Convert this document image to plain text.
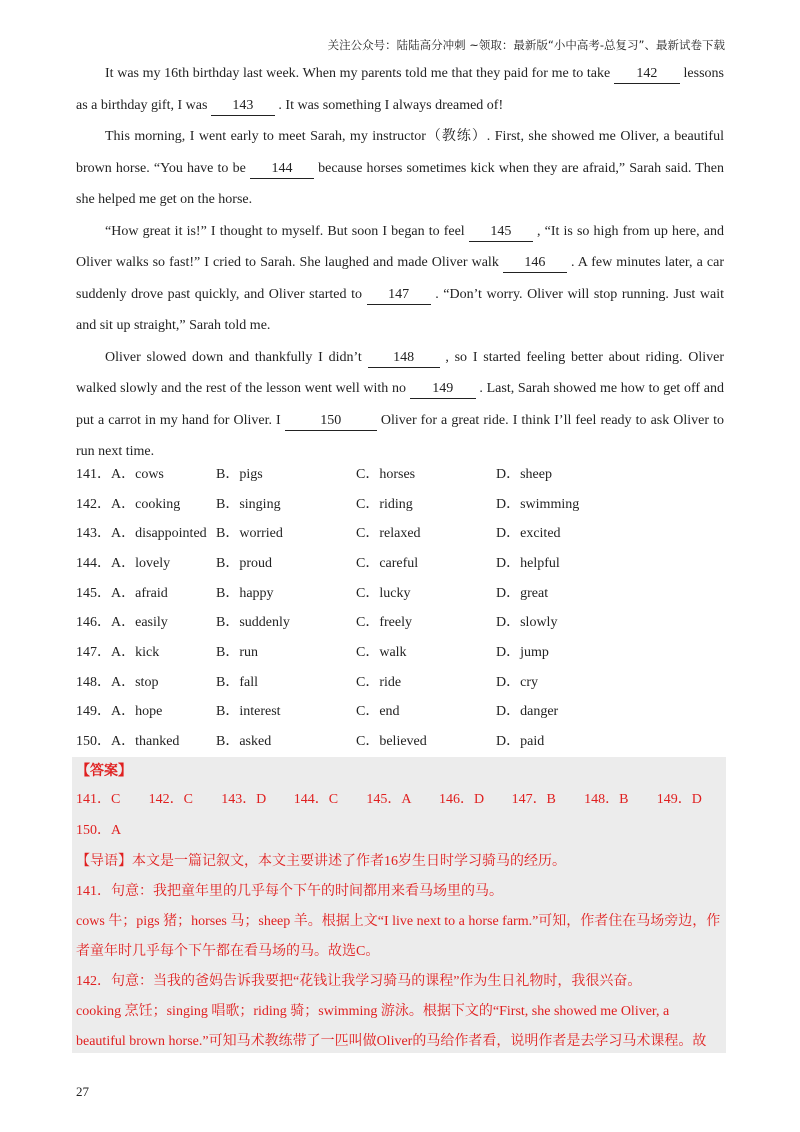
关注公众号：陆陆高分冲刺 ~领取：最新版“小中高考-总复习”、最新试卷下载

It was my 16th birthday last week. When my parents told me that they paid for me to take 142 lessons as a birthday gift, I was 143 . It was something I always dreamed of!

This morning, I went early to meet Sarah, my instructor（教练）. First, she showed me Oliver, a beautiful brown horse. “You have to be 144 because horses sometimes kick when they are afraid,” Sarah said. Then she helped me get on the horse.

“How great it is!” I thought to myself. But soon I began to feel 145 , “It is so high from up here, and Oliver walks so fast!” I cried to Sarah. She laughed and made Oliver walk 146 . A few minutes later, a car suddenly drove past quickly, and Oliver started to 147 . “Don’t worry. Oliver will stop running. Just wait and sit up straight,” Sarah told me.

Oliver slowed down and thankfully I didn’t 148 , so I started feeling better about riding. Oliver walked slowly and the rest of the lesson went well with no 149 . Last, Sarah showed me how to get off and put a carrot in my hand for Oliver. I	150	Oliver for a great ride. I think I’ll feel ready to ask Oliver to run next time.

141．A．cows	B．pigs	C．horses	D．sheep
142．A．cooking	B．singing	C．riding	D．swimming
143．A．disappointed B．worried	C．relaxed	D．excited
144．A．lovely	B．proud	C．careful	D．helpful
145．A．afraid	B．happy	C．lucky	D．great
146．A．easily	B．suddenly	C．freely	D．slowly
147．A．kick	B．run	C．walk	D．jump
148．A．stop	B．fall	C．ride	D．cry
149．A．hope	B．interest	C．end	D．danger
150．A．thanked	B．asked	C．believed	D．paid
【答案】
141．C 142．C 143．D 144．C 145．A 146．D 147．B 148．B 149．D
150．A
【导语】本文是一篇记叙文，本文主要讲述了作者16岁生日时学习骑马的经历。
141．句意：我把童年里的几乎每个下午的时间都用来看马场里的马。
cows 牛；pigs 猪；horses 马；sheep 羊。根据上文“I live next to a horse farm.”可知，作者住在马场旁边，作
者童年时几乎每个下午都在看马场的马。故选C。
142．句意：当我的爸妈告诉我要把“花钱让我学习骑马的课程”作为生日礼物时，我很兴奋。
cooking 烹饪；singing 唱歌；riding 骑；swimming 游泳。根据下文的“First, she showed me Oliver, a
beautiful brown horse.”可知马术教练带了一匹叫做Oliver的马给作者看，说明作者是去学习马术课程。故
27
